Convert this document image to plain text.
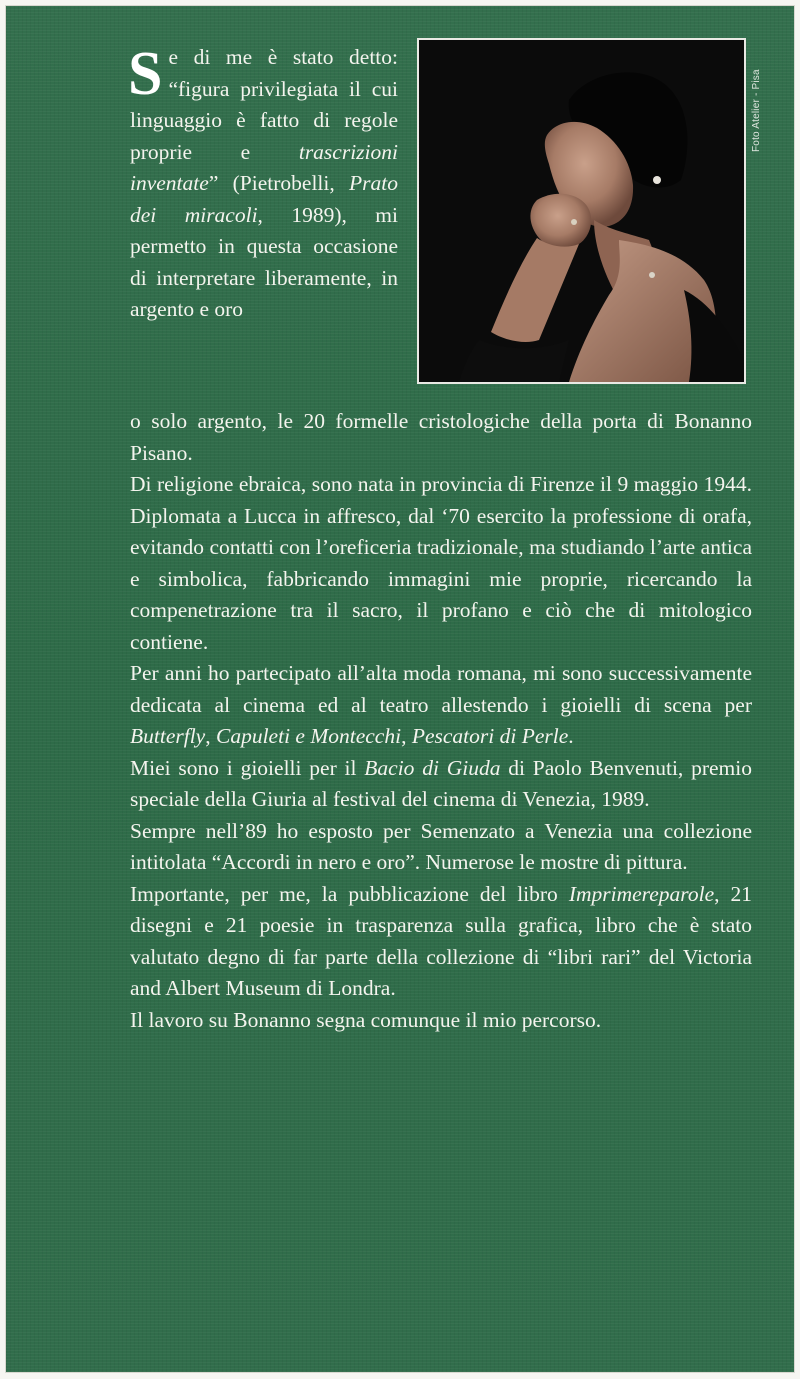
Se di me è stato detto: “figura privilegiata il cui linguaggio è fatto di regole proprie e trascrizioni inventate” (Pietrobelli, Prato dei miracoli, 1989), mi permetto in questa occasione di interpretare liberamente, in argento e oro

Foto Atelier - Pisa

o solo argento, le 20 formelle cristologiche della porta di Bonanno Pisano.

Di religione ebraica, sono nata in provincia di Firenze il 9 maggio 1944. Diplomata a Lucca in affresco, dal ‘70 esercito la professione di orafa, evitando contatti con l’oreficeria tradizionale, ma studiando l’arte antica e simbolica, fabbricando immagini mie proprie, ricercando la compenetrazione tra il sacro, il profano e ciò che di mitologico contiene.

Per anni ho partecipato all’alta moda romana, mi sono successivamente dedicata al cinema ed al teatro allestendo i gioielli di scena per Butterfly, Capuleti e Montecchi, Pescatori di Perle.

Miei sono i gioielli per il Bacio di Giuda di Paolo Benvenuti, premio speciale della Giuria al festival del cinema di Venezia, 1989.

Sempre nell’89 ho esposto per Semenzato a Venezia una collezione intitolata “Accordi in nero e oro”. Numerose le mostre di pittura.

Importante, per me, la pubblicazione del libro Imprimereparole, 21 disegni e 21 poesie in trasparenza sulla grafica, libro che è stato valutato degno di far parte della collezione di “libri rari” del Victoria and Albert Museum di Londra.

Il lavoro su Bonanno segna comunque il mio percorso.
